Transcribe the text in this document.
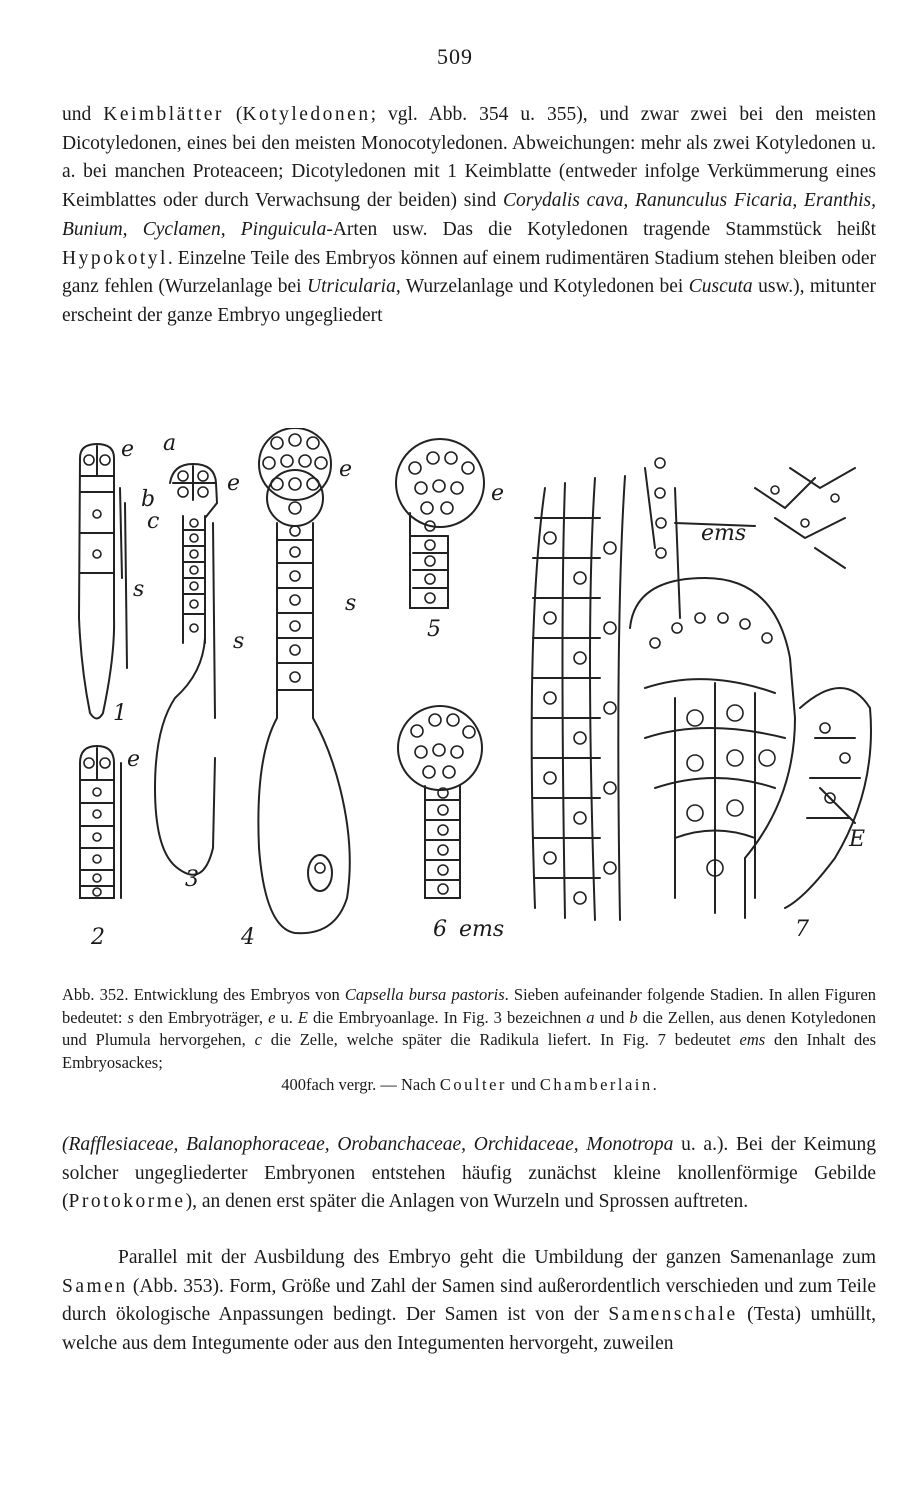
509

und Keimblätter (Kotyledonen; vgl. Abb. 354 u. 355), und zwar zwei bei den meisten Dicotyledonen, eines bei den meisten Monocotyledonen. Abweichungen: mehr als zwei Kotyledonen u. a. bei manchen Proteaceen; Dicotyledonen mit 1 Keimblatte (entweder infolge Verkümmerung eines Keimblattes oder durch Verwachsung der beiden) sind Corydalis cava, Ranunculus Ficaria, Eranthis, Bunium, Cyclamen, Pinguicula-Arten usw. Das die Kotyledonen tragende Stammstück heißt Hypokotyl. Einzelne Teile des Embryos können auf einem rudimentären Stadium stehen bleiben oder ganz fehlen (Wurzelanlage bei Utricularia, Wurzelanlage und Kotyledonen bei Cuscuta usw.), mitunter erscheint der ganze Embryo ungegliedert

e
s
1
e
2
a
e
b
c
s
3
e
s
4
e
5
6 ems
ems
E
7

Abb. 352. Entwicklung des Embryos von Capsella bursa pastoris. Sieben aufeinander folgende Stadien. In allen Figuren bedeutet: s den Embryoträger, e u. E die Embryoanlage. In Fig. 3 bezeichnen a und b die Zellen, aus denen Kotyledonen und Plumula hervorgehen, c die Zelle, welche später die Radikula liefert. In Fig. 7 bedeutet ems den Inhalt des Embryosackes;
400fach vergr. — Nach Coulter und Chamberlain.

(Rafflesiaceae, Balanophoraceae, Orobanchaceae, Orchidaceae, Monotropa u. a.). Bei der Keimung solcher ungegliederter Embryonen entstehen häufig zunächst kleine knollenförmige Gebilde (Protokorme), an denen erst später die Anlagen von Wurzeln und Sprossen auftreten.

Parallel mit der Ausbildung des Embryo geht die Umbildung der ganzen Samenanlage zum Samen (Abb. 353). Form, Größe und Zahl der Samen sind außerordentlich verschieden und zum Teile durch ökologische Anpassungen bedingt. Der Samen ist von der Samenschale (Testa) umhüllt, welche aus dem Integumente oder aus den Integumenten hervorgeht, zuweilen
